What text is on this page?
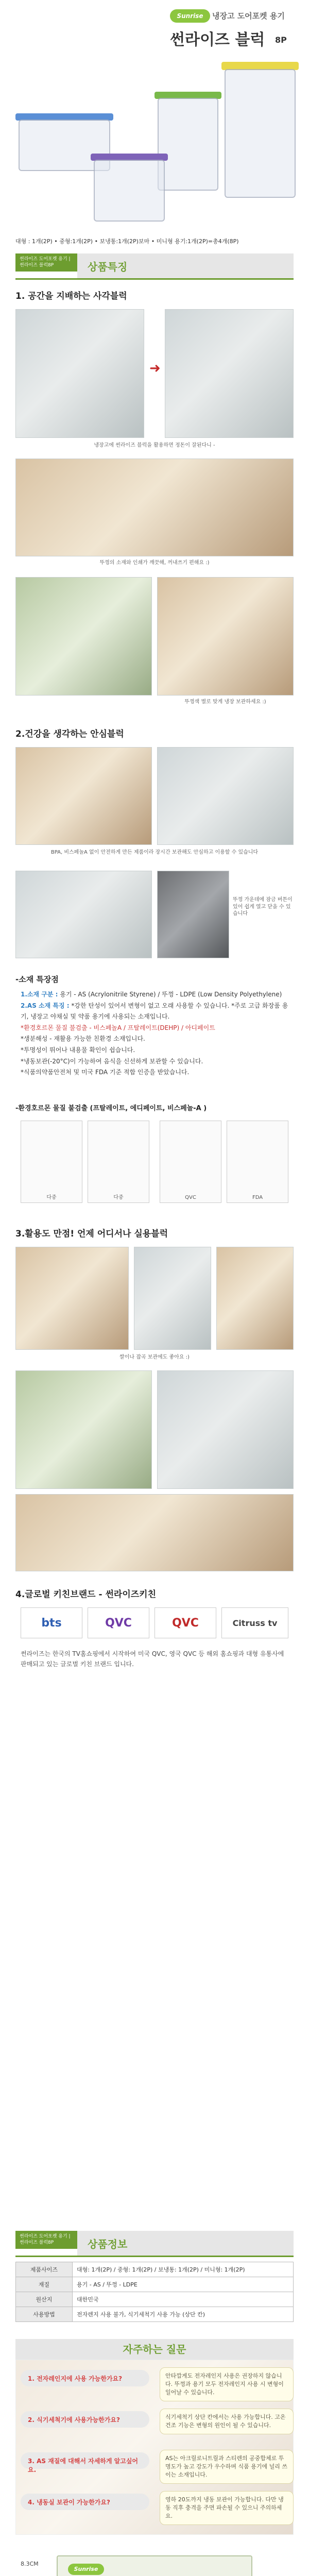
Sunrise	냉장고 도어포켓 용기
썬라이즈 블럭 8P
대형 : 1개(2P) • 중형:1개(2P) • 보냉통:1개(2P)보마 • 미니형 용기:1개(2P)=총4개(8P)
썬라이즈 도어포켓 용기 | 썬라이즈 블럭8P	상품특징
1. 공간을 지배하는 사각블럭
➜
냉장고에 썬라이즈 블럭을 활용하면 정돈이 잘된다니 -
뚜껑의 소재와 인쇄가 깨끗해, 꺼내쓰기 편해요 :)
뚜껑색 별로 맞게 냉장 보관하세요 :)
2.건강을 생각하는 안심블럭
BPA, 비스페놀A 없이 안전하게 만든 제품이라 장시간 보관해도 안심하고 이용할 수 있습니다
뚜껑 가운데에 잠금 버튼이 있어 쉽게 열고 닫을 수 있습니다
-소재 특장점
1.소재 구분 : 용기 - AS (Acrylonitrile Styrene) / 뚜껑 - LDPE (Low Density Polyethylene)
2.AS 소재 특징 : *강한 탄성이 있어서 변형이 없고 오래 사용할 수 있습니다. *주로 고급 화장품 용기, 냉장고 야채실 및 약품 용기에 사용되는 소재입니다.
*환경호르몬 물질 불검출 - 비스페놀A / 프탈레이트(DEHP) / 아디페이트
*생분해성 - 재활용 가능한 친환경 소재입니다.
*투명성이 뛰어나 내용물 확인이 쉽습니다.
*냉동보관(-20°C)이 가능하여 음식을 신선하게 보관할 수 있습니다.
*식품의약품안전처 및 미국 FDA 기준 적합 인증을 받았습니다.
-환경호르몬 물질 불검출 (프탈레이트, 에디페이트, 비스페놀-A )
다중	다중	QVC	FDA
3.활용도 만점! 언제 어디서나 실용블럭
쌀이나 잡곡 보관에도 좋아요 :)
4.글로벌 키친브랜드 - 썬라이즈키친
bts	QVC	QVC	Citruss tv
썬라이즈는 한국의 TV홈쇼핑에서 시작하여 미국 QVC, 영국 QVC 등 해외 홈쇼핑과 대형 유통사에 판매되고 있는 글로벌 키친 브랜드 입니다.
상품정보
썬라이즈 도어포켓 용기 | 썬라이즈 블럭8P
제품사이즈	대형: 1개(2P) / 중형: 1개(2P) / 보냉통: 1개(2P) / 미니형: 1개(2P)
재질	용기 - AS / 뚜껑 - LDPE
원산지	대한민국
사용방법	전자렌지 사용 불가, 식기세척기 사용 가능 (상단 칸)
자주하는 질문
1. 전자레인지에 사용 가능한가요?	안타깝게도 전자레인지 사용은 권장하지 않습니다. 뚜껑과 용기 모두 전자레인지 사용 시 변형이 일어날 수 있습니다.
2. 식기세척기에 사용가능한가요?	식기세척기 상단 칸에서는 사용 가능합니다. 고온 건조 기능은 변형의 원인이 될 수 있습니다.
3. AS 재질에 대해서 자세하게 알고싶어요.
AS는 아크릴로니트릴과 스티렌의 공중합체로 투명도가 높고 강도가 우수하며 식품 용기에 널리 쓰이는 소재입니다.
4. 냉동실 보관이 가능한가요?	영하 20도까지 냉동 보관이 가능합니다. 다만 냉동 직후 충격을 주면 파손될 수 있으니 주의하세요.
Sunrise
8.3CM
